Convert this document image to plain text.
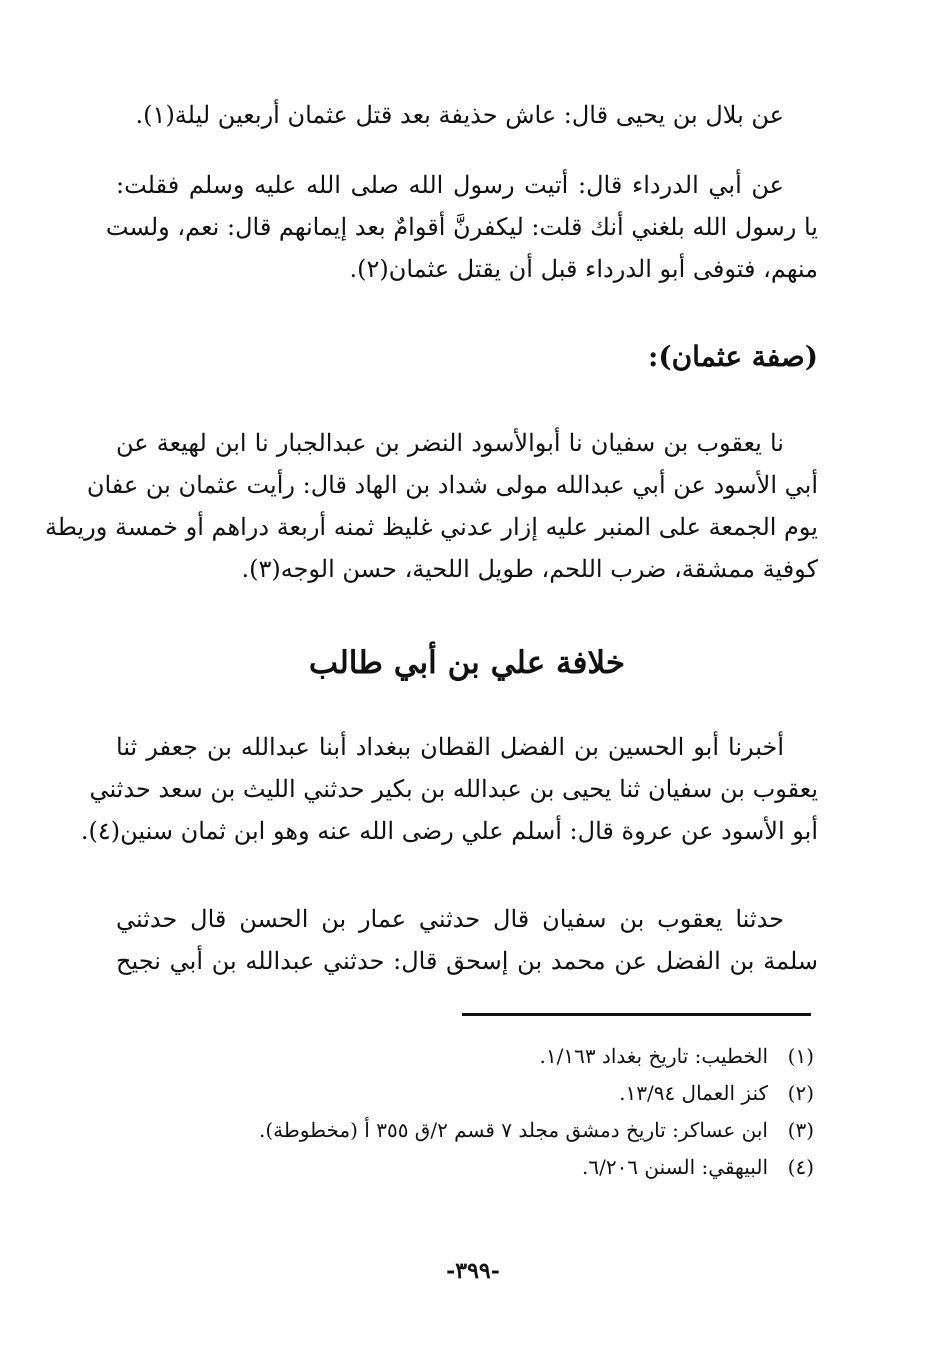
عن بلال بن يحيى قال: عاش حذيفة بعد قتل عثمان أربعين ليلة(١).

عن أبي الدرداء قال: أتيت رسول الله صلى الله عليه وسلم فقلت:

يا رسول الله بلغني أنك قلت: ليكفرنَّ أقوامٌ بعد إيمانهم قال: نعم، ولست

منهم، فتوفى أبو الدرداء قبل أن يقتل عثمان(٢).

(صفة عثمان):

نا يعقوب بن سفيان نا أبوالأسود النضر بن عبدالجبار نا ابن لهيعة عن

أبي الأسود عن أبي عبدالله مولى شداد بن الهاد قال: رأيت عثمان بن عفان

يوم الجمعة على المنبر عليه إزار عدني غليظ ثمنه أربعة دراهم أو خمسة وريطة

كوفية ممشقة، ضرب اللحم، طويل اللحية، حسن الوجه(٣).

خلافة علي بن أبي طالب

أخبرنا أبو الحسين بن الفضل القطان ببغداد أبنا عبدالله بن جعفر ثنا

يعقوب بن سفيان ثنا يحيى بن عبدالله بن بكير حدثني الليث بن سعد حدثني

أبو الأسود عن عروة قال: أسلم علي رضى الله عنه وهو ابن ثمان سنين(٤).

حدثنا يعقوب بن سفيان قال حدثني عمار بن الحسن قال حدثني

سلمة بن الفضل عن محمد بن إسحق قال: حدثني عبدالله بن أبي نجيح

(١)
الخطيب: تاريخ بغداد ١/١٦٣.
(٢)
كنز العمال ١٣/٩٤.
(٣)
ابن عساكر: تاريخ دمشق مجلد ٧ قسم ٢/ق ٣٥٥ أ (مخطوطة).
(٤)
البيهقي: السنن ٦/٢٠٦.
-٣٩٩-
